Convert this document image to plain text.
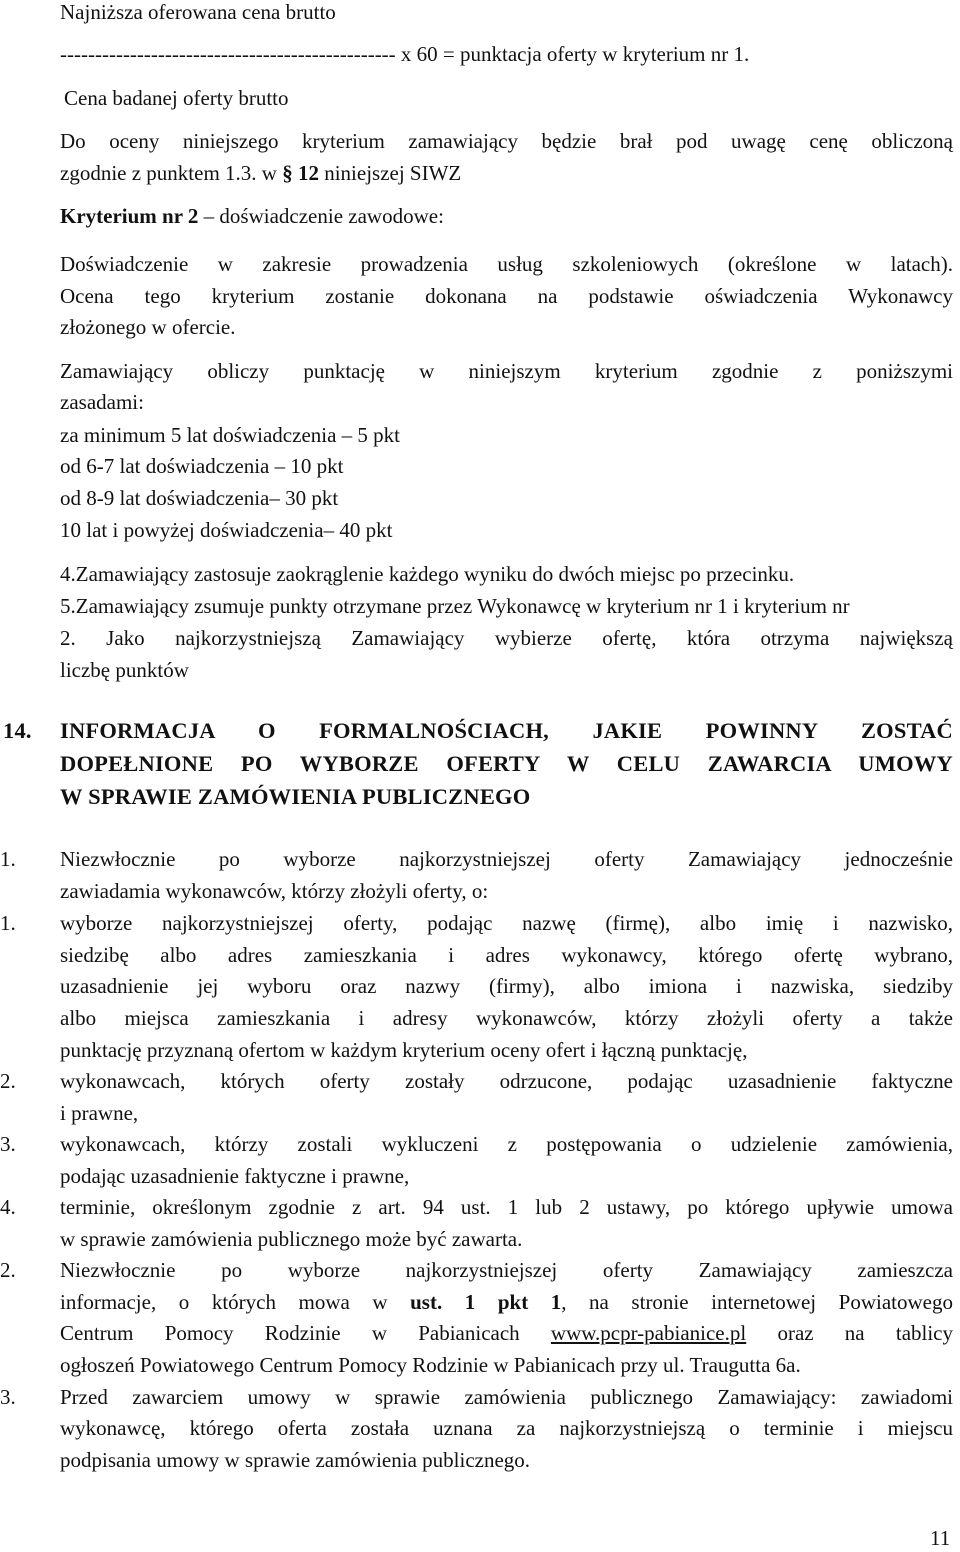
Najniższa oferowana cena brutto
------------------------------------------------ x 60 = punktacja oferty w kryterium nr 1.
Cena badanej oferty brutto
Do oceny niniejszego kryterium zamawiający będzie brał pod uwagę cenę obliczoną
zgodnie z punktem 1.3. w § 12 niniejszej SIWZ
Kryterium nr 2 – doświadczenie zawodowe:
Doświadczenie w zakresie prowadzenia usług szkoleniowych (określone w latach).
Ocena tego kryterium zostanie dokonana na podstawie oświadczenia Wykonawcy
złożonego w ofercie.
Zamawiający obliczy punktację w niniejszym kryterium zgodnie z poniższymi
zasadami:
za minimum 5 lat doświadczenia – 5 pkt
od 6-7 lat doświadczenia – 10 pkt
od 8-9 lat doświadczenia– 30 pkt
10 lat i powyżej doświadczenia– 40 pkt
4.Zamawiający zastosuje zaokrąglenie każdego wyniku do dwóch miejsc po przecinku.
5.Zamawiający zsumuje punkty otrzymane przez Wykonawcę w kryterium nr 1 i kryterium nr
2. Jako najkorzystniejszą Zamawiający wybierze ofertę, która otrzyma największą
liczbę punktów
14. INFORMACJA O FORMALNOŚCIACH, JAKIE POWINNY ZOSTAĆ
DOPEŁNIONE PO WYBORZE OFERTY W CELU ZAWARCIA UMOWY
W SPRAWIE ZAMÓWIENIA PUBLICZNEGO
1. Niezwłocznie po wyborze najkorzystniejszej oferty Zamawiający jednocześnie
zawiadamia wykonawców, którzy złożyli oferty, o:
1. wyborze najkorzystniejszej oferty, podając nazwę (firmę), albo imię i nazwisko,
siedzibę albo adres zamieszkania i adres wykonawcy, którego ofertę wybrano,
uzasadnienie jej wyboru oraz nazwy (firmy), albo imiona i nazwiska, siedziby
albo miejsca zamieszkania i adresy wykonawców, którzy złożyli oferty a także
punktację przyznaną ofertom w każdym kryterium oceny ofert i łączną punktację,
2. wykonawcach, których oferty zostały odrzucone, podając uzasadnienie faktyczne
i prawne,
3. wykonawcach, którzy zostali wykluczeni z postępowania o udzielenie zamówienia,
podając uzasadnienie faktyczne i prawne,
4. terminie, określonym zgodnie z art. 94 ust. 1 lub 2 ustawy, po którego upływie umowa
w sprawie zamówienia publicznego może być zawarta.
2. Niezwłocznie po wyborze najkorzystniejszej oferty Zamawiający zamieszcza
informacje, o których mowa w ust. 1 pkt 1, na stronie internetowej Powiatowego
Centrum Pomocy Rodzinie w Pabianicach www.pcpr-pabianice.pl oraz na tablicy
ogłoszeń Powiatowego Centrum Pomocy Rodzinie w Pabianicach przy ul. Traugutta 6a.
3. Przed zawarciem umowy w sprawie zamówienia publicznego Zamawiający: zawiadomi
wykonawcę, którego oferta została uznana za najkorzystniejszą o terminie i miejscu
podpisania umowy w sprawie zamówienia publicznego.
11
